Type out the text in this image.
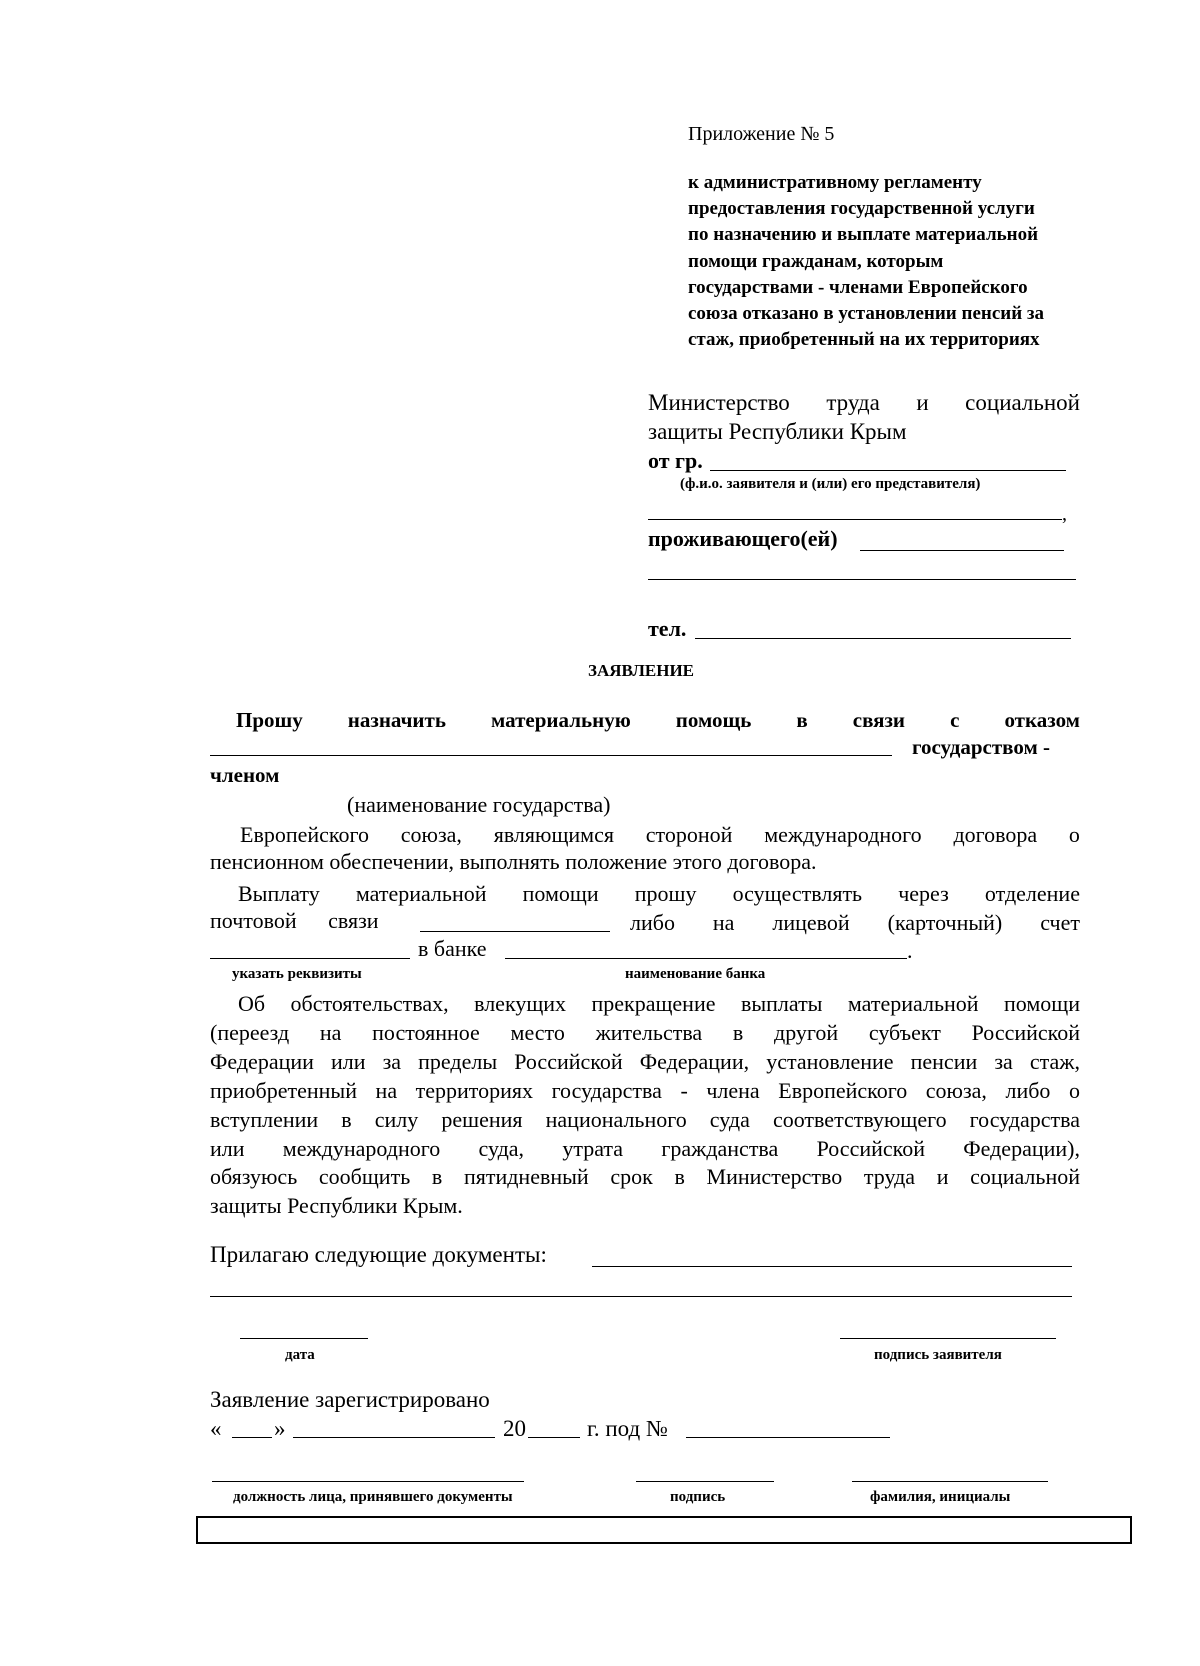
Приложение № 5
к административному регламенту
предоставления государственной услуги
по назначению и выплате материальной
помощи гражданам, которым
государствами - членами Европейского
союза отказано в установлении пенсий за
стаж, приобретенный на их территориях
Министерство труда и социальной
защиты Республики Крым
от гр.
(ф.и.о. заявителя и (или) его представителя)
,
проживающего(ей)
тел.
ЗАЯВЛЕНИЕ
Прошу назначить материальную помощь в связи с отказом
государством -
членом
(наименование государства)
Европейского союза, являющимся стороной международного договора о
пенсионном обеспечении, выполнять положение этого договора.
Выплату материальной помощи прошу осуществлять через отделение
почтовой связи	либо на лицевой (карточный) счет
в банке	.
указать реквизиты	наименование банка
Об обстоятельствах, влекущих прекращение выплаты материальной помощи
(переезд на постоянное место жительства в другой субъект Российской
Федерации или за пределы Российской Федерации, установление пенсии за стаж,
приобретенный на территориях государства - члена Европейского союза, либо о
вступлении в силу решения национального суда соответствующего государства
или международного суда, утрата гражданства Российской Федерации),
обязуюсь сообщить в пятидневный срок в Министерство труда и социальной
защиты Республики Крым.
Прилагаю следующие документы:
дата	подпись заявителя
Заявление зарегистрировано
« »	20	г. под №
должность лица, принявшего документы	подпись	фамилия, инициалы
